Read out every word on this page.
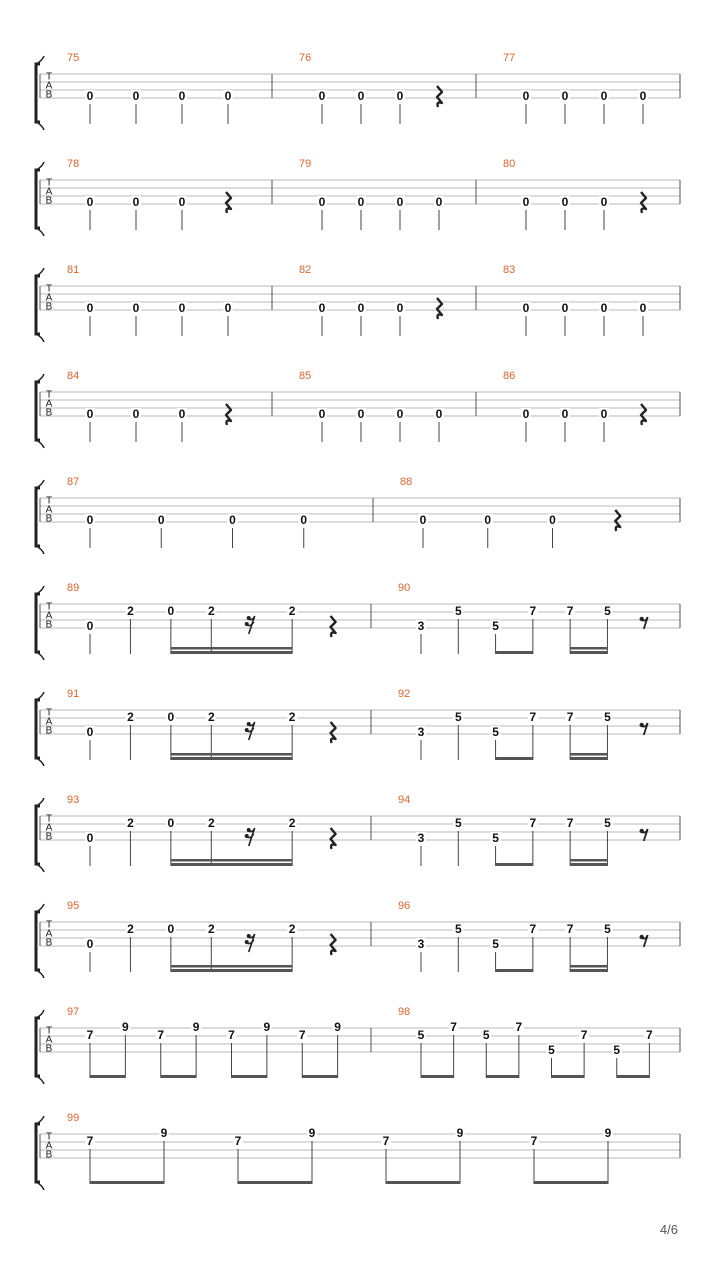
T
A
B
75
0	0	0	0
76
0	0	0
77
0	0	0	0
T
A
B
78
0	0	0
79
0	0	0	0
80
0	0	0
T
A
B
81
0	0	0	0
82
0	0	0
83
0	0	0	0
T
A
B
84
0	0	0
85
0	0	0	0
86
0	0	0
T
A
B
87
0	0	0	0
88
0	0	0
T
A
B
89
0
2	0	2	2
90
3
5
5
7	7	5
T
A
B
91
0
2	0	2	2
92
3
5
5
7	7	5
T
A
B
93
0
2	0	2	2
94
3
5
5
7	7	5
T
A
B
95
0
2	0	2	2
96
3
5
5
7	7	5
T
A
B
97
7
9
7
9
7
9
7
9
98
5
7
5
7
5
7
5
7
T
A
B
99
7
9
7
9
7
9
7
9
4/6
